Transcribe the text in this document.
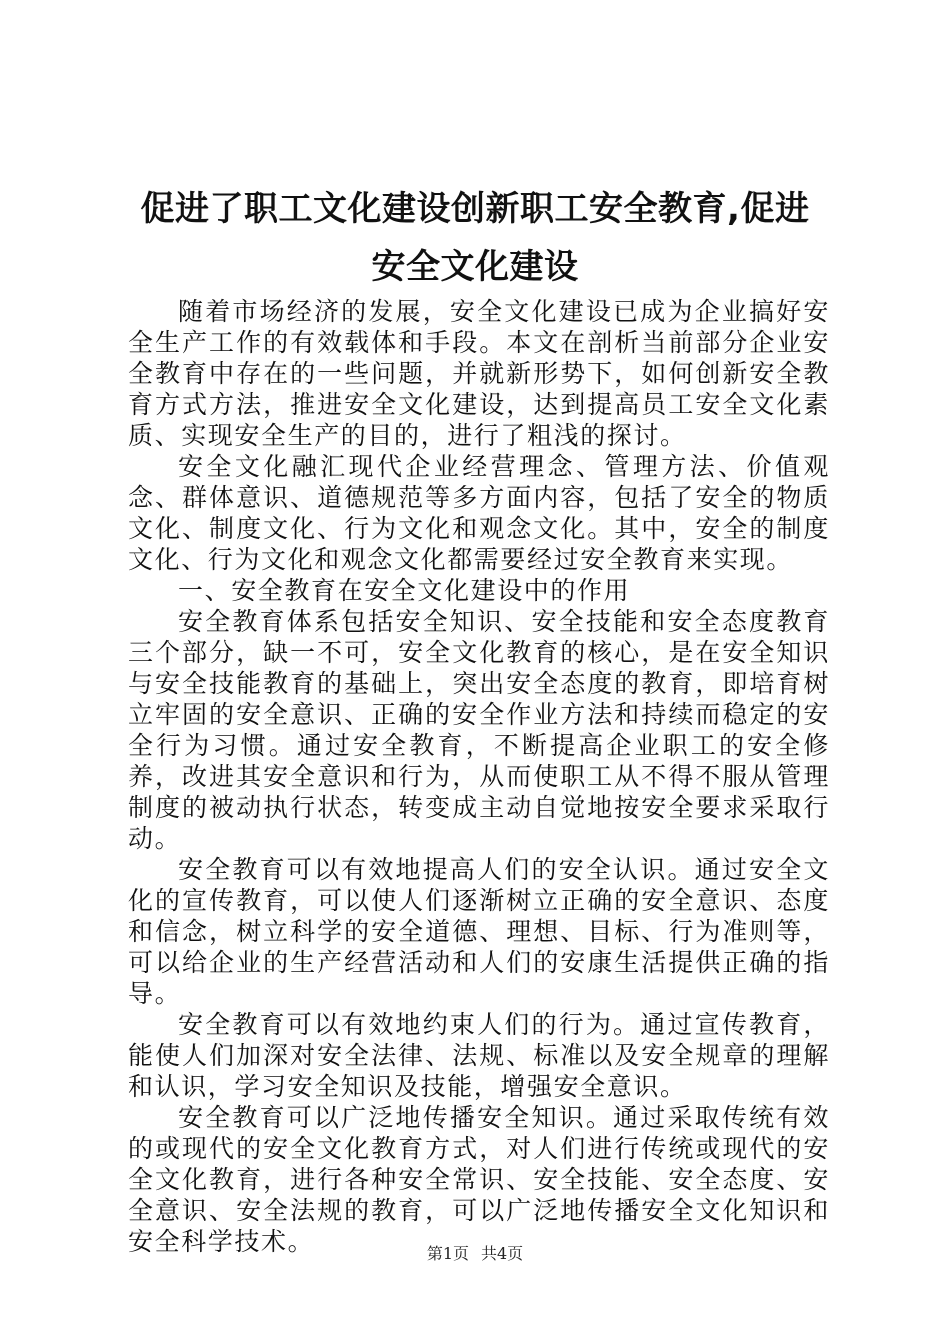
促进了职工文化建设创新职工安全教育,促进
安全文化建设

随着市场经济的发展，安全文化建设已成为企业搞好安全生产工作的有效载体和手段。本文在剖析当前部分企业安全教育中存在的一些问题，并就新形势下，如何创新安全教育方式方法，推进安全文化建设，达到提高员工安全文化素质、实现安全生产的目的，进行了粗浅的探讨。

安全文化融汇现代企业经营理念、管理方法、价值观念、群体意识、道德规范等多方面内容，包括了安全的物质文化、制度文化、行为文化和观念文化。其中，安全的制度文化、行为文化和观念文化都需要经过安全教育来实现。

一、安全教育在安全文化建设中的作用

安全教育体系包括安全知识、安全技能和安全态度教育三个部分，缺一不可，安全文化教育的核心，是在安全知识与安全技能教育的基础上，突出安全态度的教育，即培育树立牢固的安全意识、正确的安全作业方法和持续而稳定的安全行为习惯。通过安全教育，不断提高企业职工的安全修养，改进其安全意识和行为，从而使职工从不得不服从管理制度的被动执行状态，转变成主动自觉地按安全要求采取行动。

安全教育可以有效地提高人们的安全认识。通过安全文化的宣传教育，可以使人们逐渐树立正确的安全意识、态度和信念，树立科学的安全道德、理想、目标、行为准则等，可以给企业的生产经营活动和人们的安康生活提供正确的指导。

安全教育可以有效地约束人们的行为。通过宣传教育，能使人们加深对安全法律、法规、标准以及安全规章的理解和认识，学习安全知识及技能，增强安全意识。

安全教育可以广泛地传播安全知识。通过采取传统有效的或现代的安全文化教育方式，对人们进行传统或现代的安全文化教育，进行各种安全常识、安全技能、安全态度、安全意识、安全法规的教育，可以广泛地传播安全文化知识和安全科学技术。	第1页 共4页
